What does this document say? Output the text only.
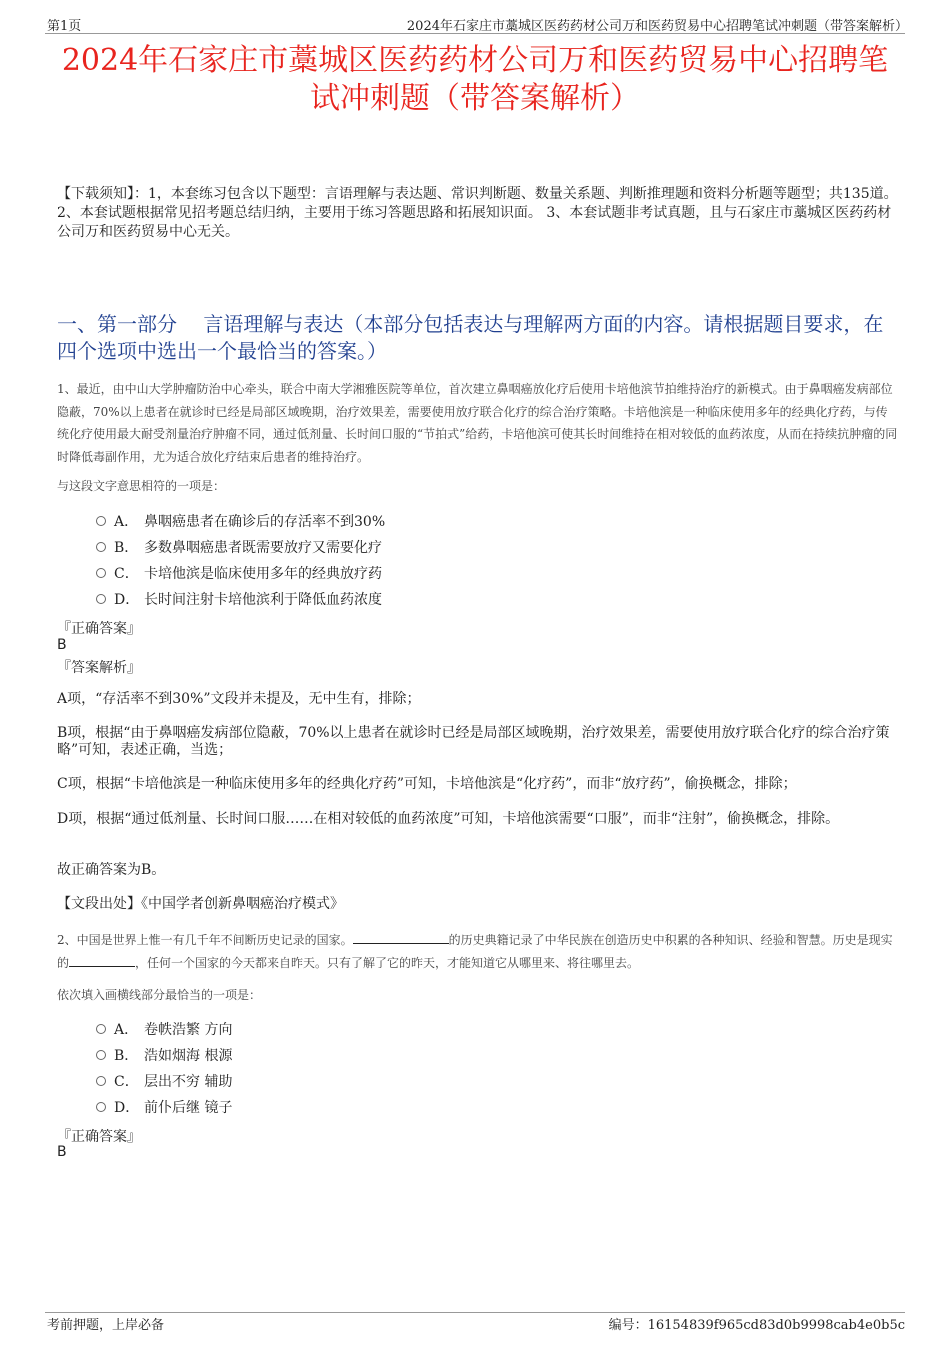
第1页	2024年石家庄市藁城区医药药材公司万和医药贸易中心招聘笔试冲刺题（带答案解析）
2024年石家庄市藁城区医药药材公司万和医药贸易中心招聘笔
试冲刺题（带答案解析）
【下载须知】：1，本套练习包含以下题型：言语理解与表达题、常识判断题、数量关系题、判断推理题和资料分析题等题型；共135道。 2、本套试题根据常见招考题总结归纳，主要用于练习答题思路和拓展知识面。 3、本套试题非考试真题，且与石家庄市藁城区医药药材公司万和医药贸易中心无关。
一、第一部分　 言语理解与表达（本部分包括表达与理解两方面的内容。请根据题目要求，在四个选项中选出一个最恰当的答案。）
1、最近，由中山大学肿瘤防治中心牵头，联合中南大学湘雅医院等单位，首次建立鼻咽癌放化疗后使用卡培他滨节拍维持治疗的新模式。由于鼻咽癌发病部位隐蔽，70%以上患者在就诊时已经是局部区域晚期，治疗效果差，需要使用放疗联合化疗的综合治疗策略。卡培他滨是一种临床使用多年的经典化疗药，与传统化疗使用最大耐受剂量治疗肿瘤不同，通过低剂量、长时间口服的“节拍式”给药，卡培他滨可使其长时间维持在相对较低的血药浓度，从而在持续抗肿瘤的同时降低毒副作用，尤为适合放化疗结束后患者的维持治疗。
与这段文字意思相符的一项是：
A． 鼻咽癌患者在确诊后的存活率不到30%
B． 多数鼻咽癌患者既需要放疗又需要化疗
C． 卡培他滨是临床使用多年的经典放疗药
D． 长时间注射卡培他滨利于降低血药浓度
『正确答案』
B
『答案解析』
A项，“存活率不到30%”文段并未提及，无中生有，排除；
B项，根据“由于鼻咽癌发病部位隐蔽，70%以上患者在就诊时已经是局部区域晚期，治疗效果差，需要使用放疗联合化疗的综合治疗策略”可知，表述正确，当选；
C项，根据“卡培他滨是一种临床使用多年的经典化疗药”可知，卡培他滨是“化疗药”，而非“放疗药”，偷换概念，排除；
D项，根据“通过低剂量、长时间口服……在相对较低的血药浓度”可知，卡培他滨需要“口服”，而非“注射”，偷换概念，排除。
故正确答案为B。
【文段出处】《中国学者创新鼻咽癌治疗模式》
2、中国是世界上惟一有几千年不间断历史记录的国家。	的历史典籍记录了中华民族在创造历史中积累的各种知识、经验和智慧。历史是现实的	，任何一个国家的今天都来自昨天。只有了解了它的昨天，才能知道它从哪里来、将往哪里去。
依次填入画横线部分最恰当的一项是：
A． 卷帙浩繁 方向
B． 浩如烟海 根源
C． 层出不穷 辅助
D． 前仆后继 镜子
『正确答案』
B
考前押题，上岸必备	编号：16154839f965cd83d0b9998cab4e0b5c
